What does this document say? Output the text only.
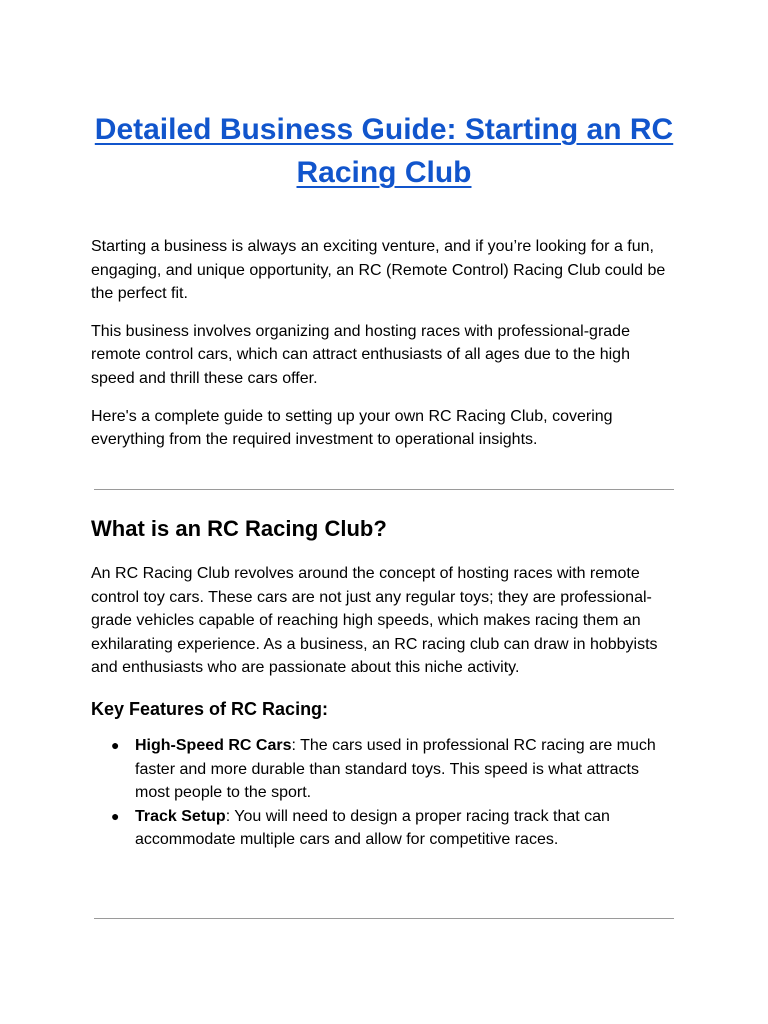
Detailed Business Guide: Starting an RC Racing Club

Starting a business is always an exciting venture, and if you’re looking for a fun, engaging, and unique opportunity, an RC (Remote Control) Racing Club could be the perfect fit.

This business involves organizing and hosting races with professional-grade remote control cars, which can attract enthusiasts of all ages due to the high speed and thrill these cars offer.

Here's a complete guide to setting up your own RC Racing Club, covering everything from the required investment to operational insights.

What is an RC Racing Club?

An RC Racing Club revolves around the concept of hosting races with remote control toy cars. These cars are not just any regular toys; they are professional-grade vehicles capable of reaching high speeds, which makes racing them an exhilarating experience. As a business, an RC racing club can draw in hobbyists and enthusiasts who are passionate about this niche activity.

Key Features of RC Racing:
● High-Speed RC Cars: The cars used in professional RC racing are much faster and more durable than standard toys. This speed is what attracts most people to the sport.
● Track Setup: You will need to design a proper racing track that can accommodate multiple cars and allow for competitive races.
